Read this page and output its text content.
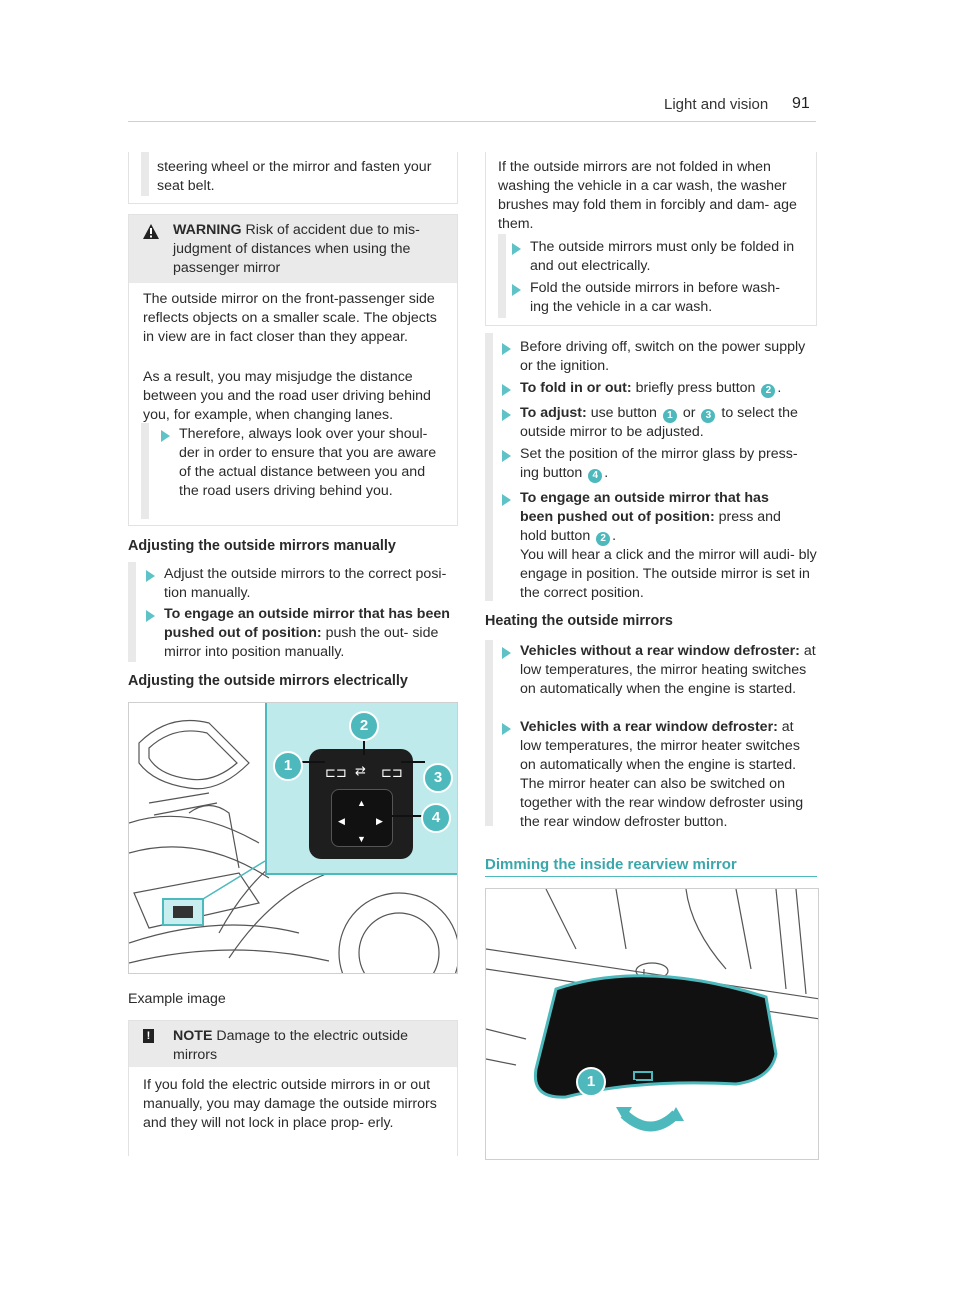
Light and vision 91
steering wheel or the mirror and fasten your seat belt.
WARNING Risk of accident due to mis-
judgment of distances when using the
passenger mirror
The outside mirror on the front-passenger side reflects objects on a smaller scale. The objects in view are in fact closer than they appear.
As a result, you may misjudge the distance between you and the road user driving behind you, for example, when changing lanes.
Therefore, always look over your shoul- der in order to ensure that you are aware of the actual distance between you and the road users driving behind you.
Adjusting the outside mirrors manually
Adjust the outside mirrors to the correct posi- tion manually.
To engage an outside mirror that has been pushed out of position: push the out- side mirror into position manually.
Adjusting the outside mirrors electrically
⊏⊐ ⇄ ⊏⊐
▲
▼
◀	▶
1
2
3
4
Example image
! NOTE Damage to the electric outside
mirrors
If you fold the electric outside mirrors in or out manually, you may damage the outside mirrors and they will not lock in place prop- erly.
If the outside mirrors are not folded in when washing the vehicle in a car wash, the washer brushes may fold them in forcibly and dam- age them.
The outside mirrors must only be folded in and out electrically.
Fold the outside mirrors in before wash- ing the vehicle in a car wash.
Before driving off, switch on the power supply or the ignition.
To fold in or out: briefly press button 2 .
To adjust: use button 1 or 3 to select the
outside mirror to be adjusted.
Set the position of the mirror glass by press-
ing button 4 .
To engage an outside mirror that has
been pushed out of position: press and
hold button 2 .
You will hear a click and the mirror will audi- bly engage in position. The outside mirror is set in the correct position.
Heating the outside mirrors
Vehicles without a rear window defroster: at low temperatures, the mirror heating switches on automatically when the engine is started.
Vehicles with a rear window defroster: at low temperatures, the mirror heater switches on automatically when the engine is started. The mirror heater can also be switched on together with the rear window defroster using the rear window defroster button.
Dimming the inside rearview mirror
1
